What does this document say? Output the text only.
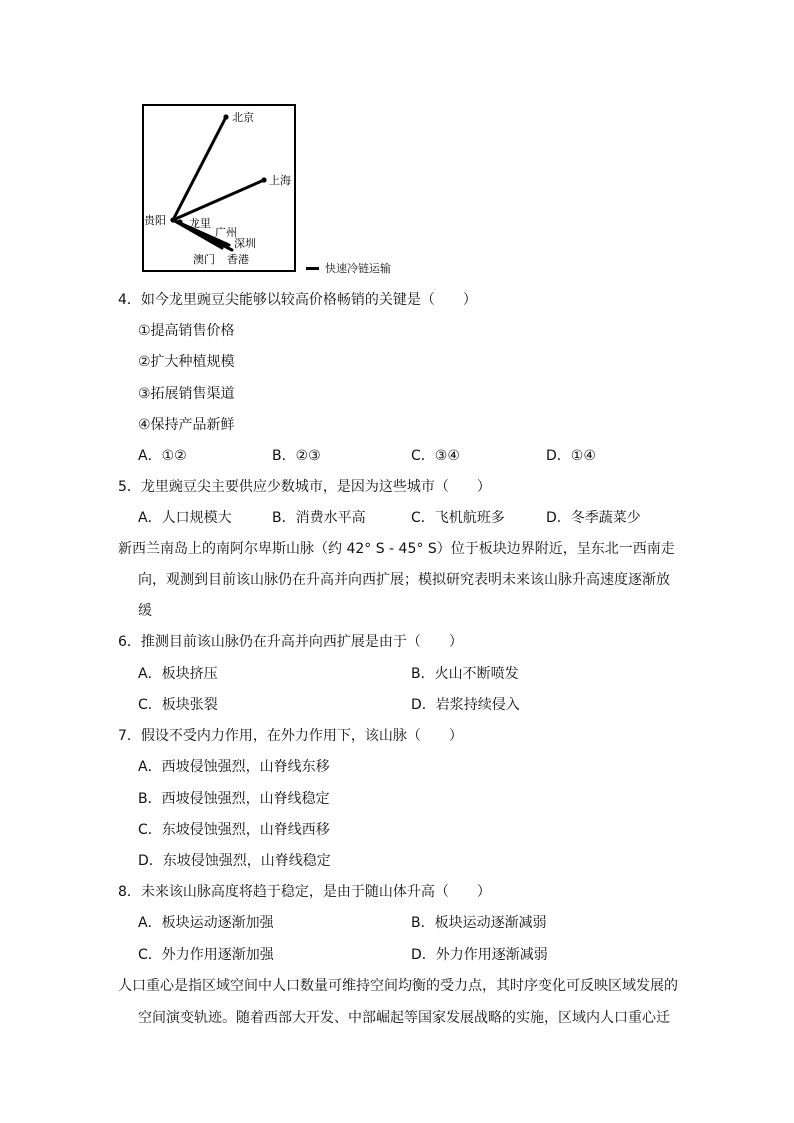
北京
上海
贵阳 龙里
广州
深圳
澳门 香港
快速冷链运输
4．如今龙里豌豆尖能够以较高价格畅销的关键是（　　）
①提高销售价格
②扩大种植规模
③拓展销售渠道
④保持产品新鲜
A．①②	B．②③	C．③④	D．①④
5．龙里豌豆尖主要供应少数城市，是因为这些城市（　　）
A．人口规模大	B．消费水平高	C．飞机航班多	D．冬季蔬菜少
新西兰南岛上的南阿尔卑斯山脉（约 42° S - 45° S）位于板块边界附近，呈东北一西南走
向，观测到目前该山脉仍在升高并向西扩展；模拟研究表明未来该山脉升高速度逐渐放
缓
6．推测目前该山脉仍在升高并向西扩展是由于（　　）
A．板块挤压	B．火山不断喷发
C．板块张裂	D．岩浆持续侵入
7．假设不受内力作用，在外力作用下，该山脉（　　）
A．西坡侵蚀强烈，山脊线东移
B．西坡侵蚀强烈，山脊线稳定
C．东坡侵蚀强烈，山脊线西移
D．东坡侵蚀强烈，山脊线稳定
8．未来该山脉高度将趋于稳定，是由于随山体升高（　　）
A．板块运动逐渐加强	B．板块运动逐渐减弱
C．外力作用逐渐加强	D．外力作用逐渐减弱
人口重心是指区域空间中人口数量可维持空间均衡的受力点，其时序变化可反映区域发展的
空间演变轨迹。随着西部大开发、中部崛起等国家发展战略的实施，区域内人口重心迁
